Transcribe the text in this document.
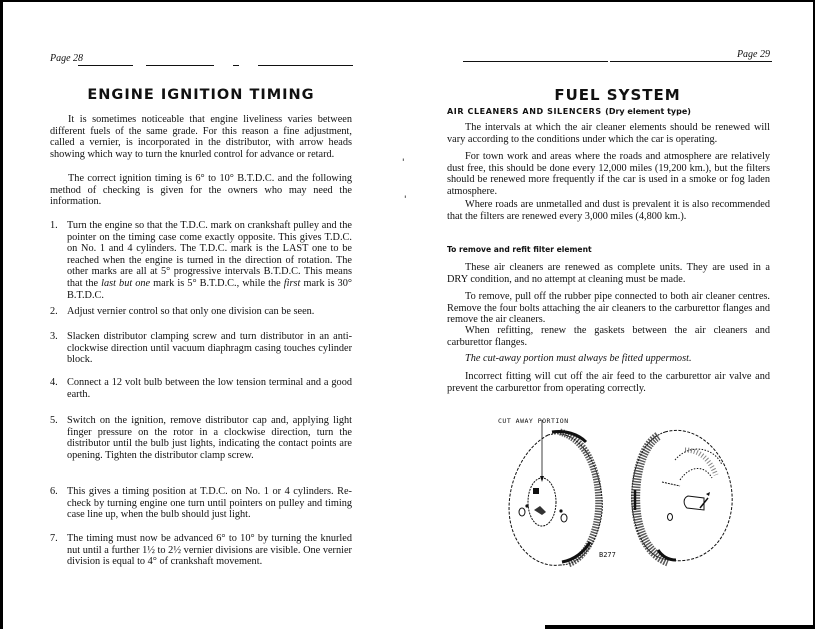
'
'
Page 28
ENGINE IGNITION TIMING

It is sometimes noticeable that engine liveliness varies between different fuels of the same grade. For this reason a fine adjustment, called a vernier, is incorporated in the distributor, with arrow heads showing which way to turn the knurled control for advance or retard.

The correct ignition timing is 6° to 10° B.T.D.C. and the following method of checking is given for the owners who may need the information.

1. Turn the engine so that the T.D.C. mark on crankshaft pulley and the pointer on the timing case come exactly opposite. This gives T.D.C. on No. 1 and 4 cylinders. The T.D.C. mark is the LAST one to be reached when the engine is turned in the direction of rotation. The other marks are all at 5° progressive intervals B.T.D.C. This means that the last but one mark is 5° B.T.D.C., while the first mark is 30° B.T.D.C.
2. Adjust vernier control so that only one division can be seen.
3. Slacken distributor clamping screw and turn distributor in an anti-clockwise direction until vacuum diaphragm casing touches cylinder block.
4. Connect a 12 volt bulb between the low tension terminal and a good earth.
5. Switch on the ignition, remove distributor cap and, applying light finger pressure on the rotor in a clockwise direction, turn the distributor until the bulb just lights, indicating the contact points are opening. Tighten the distributor clamp screw.
6. This gives a timing position at T.D.C. on No. 1 or 4 cylinders. Re-check by turning engine one turn until pointers on pulley and timing case line up, when the bulb should just light.
7. The timing must now be advanced 6° to 10° by turning the knurled nut until a further 1½ to 2½ vernier divisions are visible. One vernier division is equal to 4° of crankshaft movement.
Page 29
FUEL SYSTEM
AIR CLEANERS AND SILENCERS (Dry element type)

The intervals at which the air cleaner elements should be renewed will vary according to the conditions under which the car is operating.

For town work and areas where the roads and atmosphere are relatively dust free, this should be done every 12,000 miles (19,200 km.), but the filters should be renewed more frequently if the car is used in a smoke or fog laden atmosphere.

Where roads are unmetalled and dust is prevalent it is also recommended that the filters are renewed every 3,000 miles (4,800 km.).

To remove and refit filter element

These air cleaners are renewed as complete units. They are used in a DRY condition, and no attempt at cleaning must be made.

To remove, pull off the rubber pipe connected to both air cleaner centres. Remove the four bolts attaching the air cleaners to the carburettor flanges and remove the air cleaners.

When refitting, renew the gaskets between the air cleaners and carburettor flanges.

The cut-away portion must always be fitted uppermost.

Incorrect fitting will cut off the air feed to the carburettor air valve and prevent the carburettor from operating correctly.

CUT AWAY PORTION
B277
